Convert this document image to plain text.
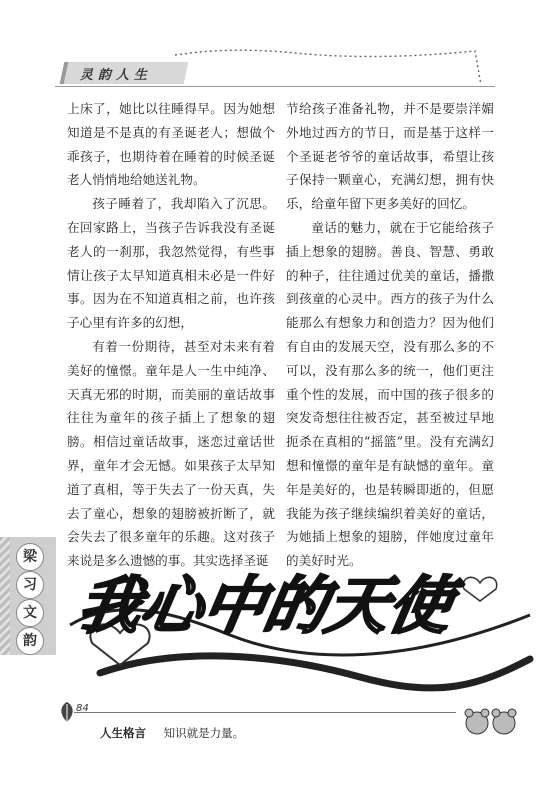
灵韵人生

上床了，她比以往睡得早。因为她想知道是不是真的有圣诞老人；想做个乖孩子，也期待着在睡着的时候圣诞老人悄悄地给她送礼物。

孩子睡着了，我却陷入了沉思。在回家路上，当孩子告诉我没有圣诞老人的一刹那，我忽然觉得，有些事情让孩子太早知道真相未必是一件好事。因为在不知道真相之前，也许孩子心里有许多的幻想，

有着一份期待，甚至对未来有着美好的憧憬。童年是人一生中纯净、天真无邪的时期，而美丽的童话故事往往为童年的孩子插上了想象的翅膀。相信过童话故事，迷恋过童话世界，童年才会无憾。如果孩子太早知道了真相，等于失去了一份天真，失去了童心，想象的翅膀被折断了，就会失去了很多童年的乐趣。这对孩子来说是多么遗憾的事。其实选择圣诞

节给孩子准备礼物，并不是要崇洋媚外地过西方的节日，而是基于这样一个圣诞老爷爷的童话故事，希望让孩子保持一颗童心，充满幻想，拥有快乐，给童年留下更多美好的回忆。

童话的魅力，就在于它能给孩子插上想象的翅膀。善良、智慧、勇敢的种子，往往通过优美的童话，播撒到孩童的心灵中。西方的孩子为什么能那么有想象力和创造力？因为他们有自由的发展天空，没有那么多的不可以，没有那么多的统一，他们更注重个性的发展，而中国的孩子很多的突发奇想往往被否定，甚至被过早地扼杀在真相的“摇篮”里。没有充满幻想和憧憬的童年是有缺憾的童年。童年是美好的，也是转瞬即逝的，但愿我能为孩子继续编织着美好的童话，为她插上想象的翅膀，伴她度过童年的美好时光。

梁
习
文
韵 我心中的天使
84
人生格言 知识就是力量。
